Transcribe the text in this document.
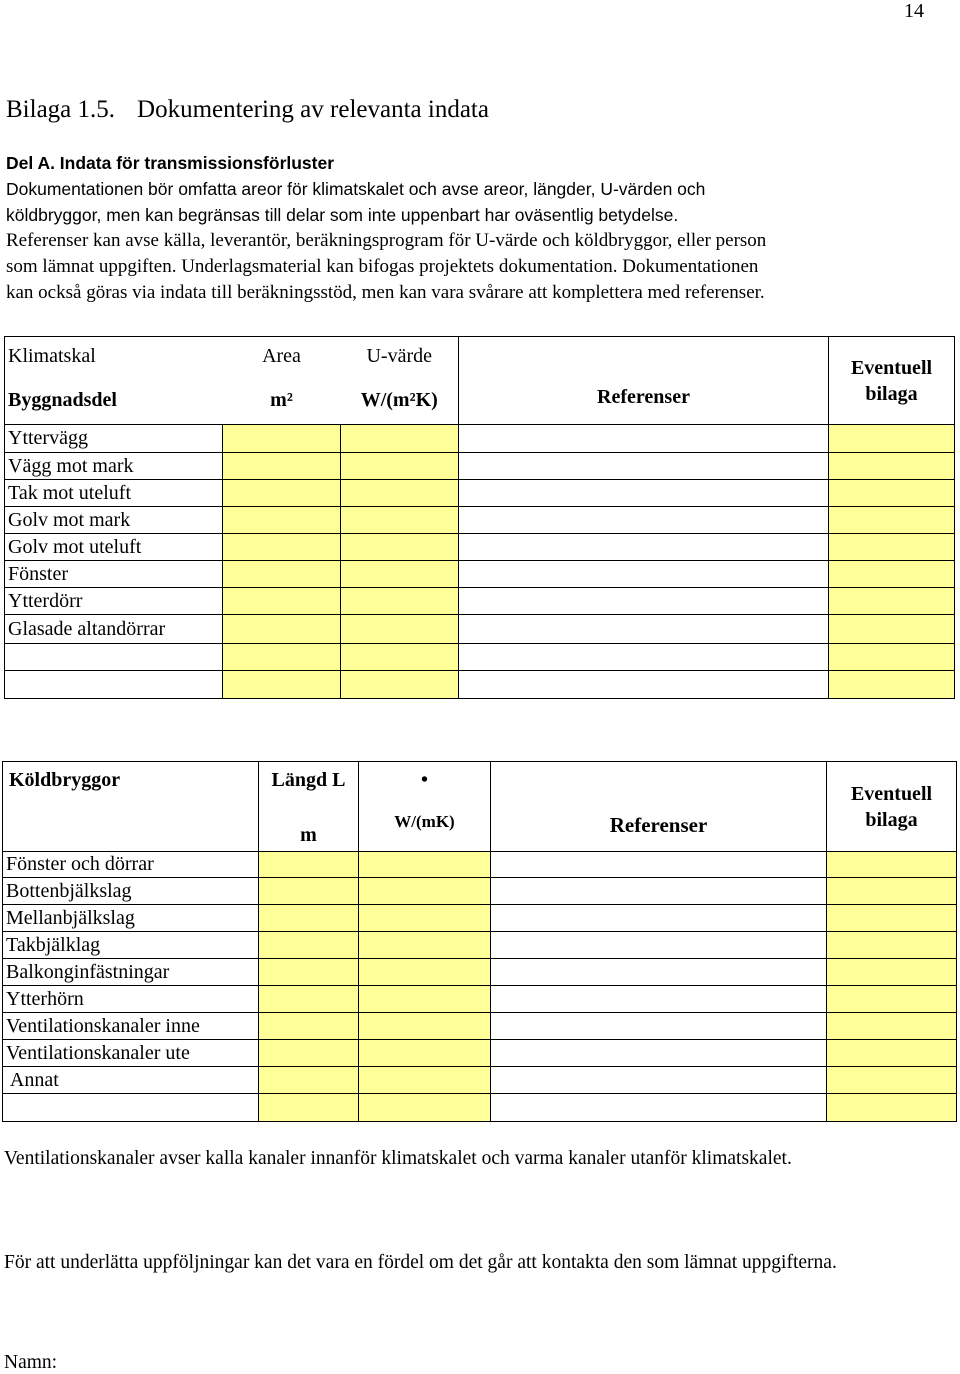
14
Bilaga 1.5. Dokumentering av relevanta indata

Del A. Indata för transmissionsförluster

Dokumentationen bör omfatta areor för klimatskalet och avse areor, längder, U-värden och

köldbryggor, men kan begränsas till delar som inte uppenbart har oväsentlig betydelse.

Referenser kan avse källa, leverantör, beräkningsprogram för U-värde och köldbryggor, eller person

som lämnat uppgiften. Underlagsmaterial kan bifogas projektets dokumentation. Dokumentationen

kan också göras via indata till beräkningsstöd, men kan vara svårare att komplettera med referenser.

Klimatskal	Area	U-värde	Referenser	Eventuell
bilaga

Byggnadsdel	m²	W/(m²K)		
Yttervägg				
Vägg mot mark				
Tak mot uteluft				
Golv mot mark				
Golv mot uteluft				
Fönster				
Ytterdörr				
Glasade altandörrar				

Köldbryggor	Längd L	•	Referenser	Eventuell
bilaga

	m	W/(mK)		
Fönster och dörrar				
Bottenbjälkslag				
Mellanbjälkslag				
Takbjälklag				
Balkonginfästningar				
Ytterhörn				
Ventilationskanaler inne				
Ventilationskanaler ute				
Annat				

Ventilationskanaler avser kalla kanaler innanför klimatskalet och varma kanaler utanför klimatskalet.
För att underlätta uppföljningar kan det vara en fördel om det går att kontakta den som lämnat uppgifterna.
Namn:
